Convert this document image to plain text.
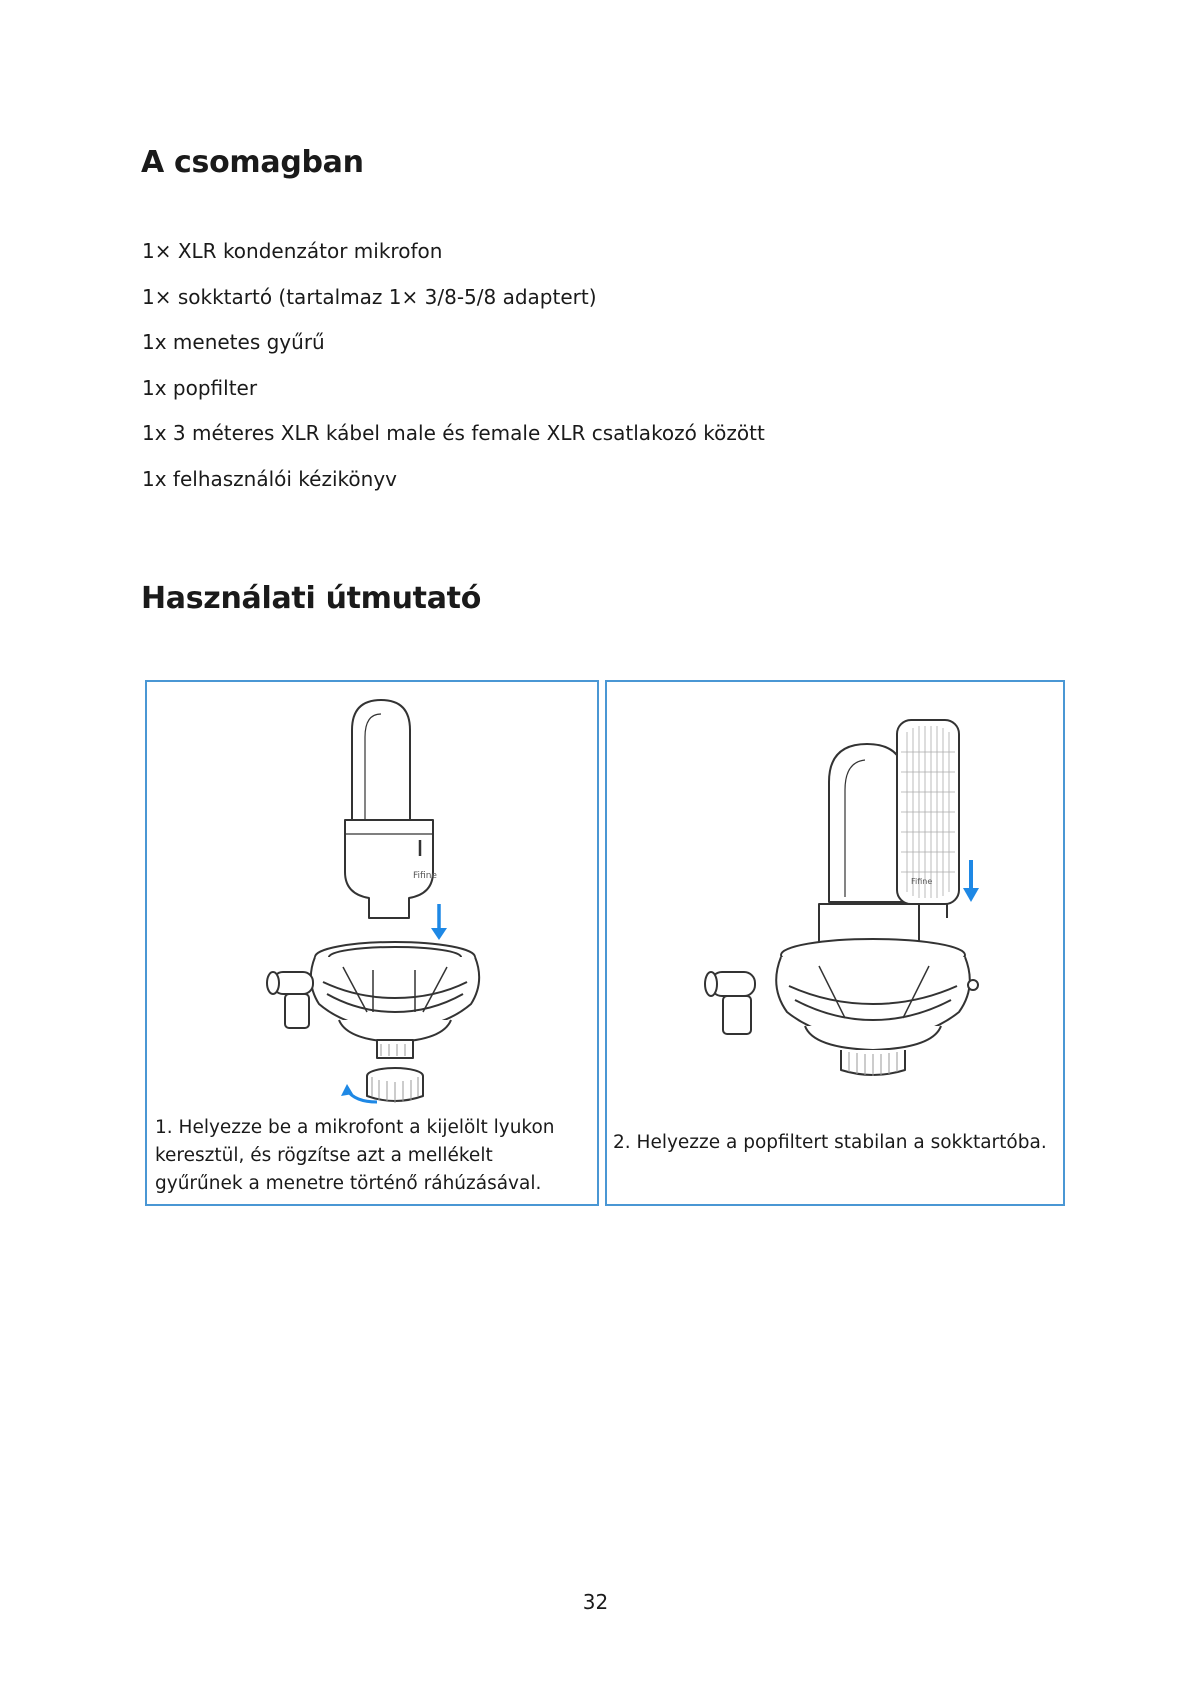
A csomagban
1× XLR kondenzátor mikrofon
1× sokktartó (tartalmaz 1× 3/8-5/8 adaptert)
1x menetes gyűrű
1x popfilter
1x 3 méteres XLR kábel male és female XLR csatlakozó között
1x felhasználói kézikönyv
Használati útmutató
Fifine
1. Helyezze be a mikrofont a kijelölt lyukon keresztül, és rögzítse azt a mellékelt gyűrűnek a menetre történő ráhúzásával.
Fifine
2. Helyezze a popfiltert stabilan a sokktartóba.
32
